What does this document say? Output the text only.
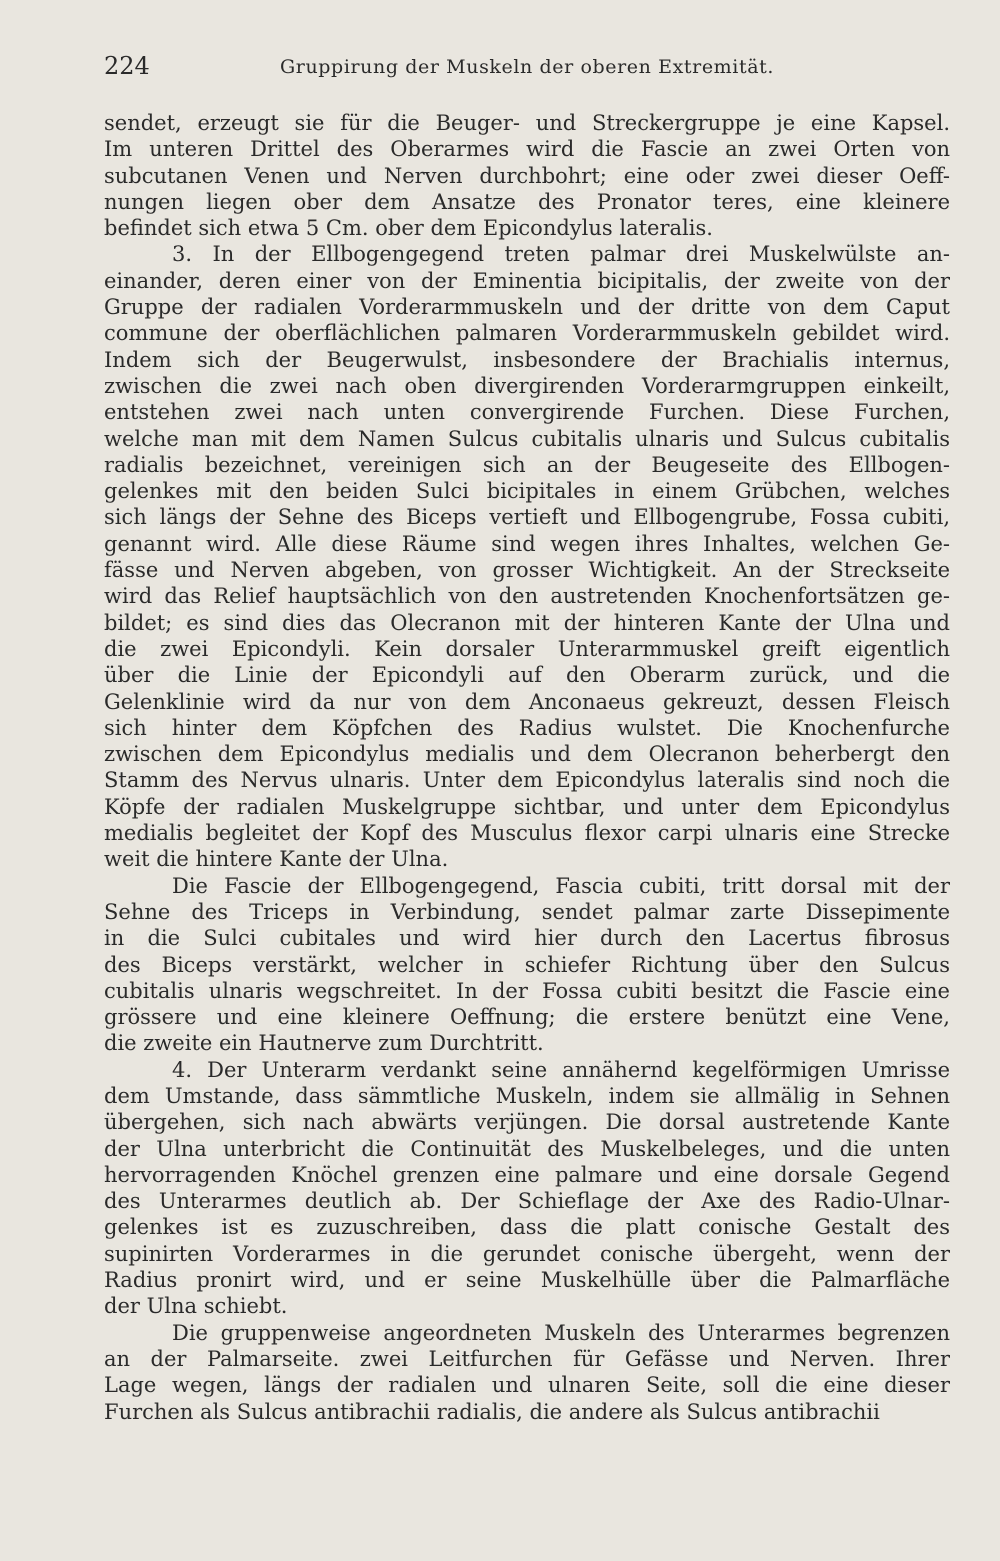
224	Gruppirung der Muskeln der oberen Extremität.
sendet, erzeugt sie für die Beuger- und Streckergruppe je eine Kapsel.
Im unteren Drittel des Oberarmes wird die Fascie an zwei Orten von
subcutanen Venen und Nerven durchbohrt; eine oder zwei dieser Oeff-
nungen liegen ober dem Ansatze des Pronator teres, eine kleinere
befindet sich etwa 5 Cm. ober dem Epicondylus lateralis.
3. In der Ellbogengegend treten palmar drei Muskelwülste an-
einander, deren einer von der Eminentia bicipitalis, der zweite von der
Gruppe der radialen Vorderarmmuskeln und der dritte von dem Caput
commune der oberflächlichen palmaren Vorderarmmuskeln gebildet wird.
Indem sich der Beugerwulst, insbesondere der Brachialis internus,
zwischen die zwei nach oben divergirenden Vorderarmgruppen einkeilt,
entstehen zwei nach unten convergirende Furchen. Diese Furchen,
welche man mit dem Namen Sulcus cubitalis ulnaris und Sulcus cubitalis
radialis bezeichnet, vereinigen sich an der Beugeseite des Ellbogen-
gelenkes mit den beiden Sulci bicipitales in einem Grübchen, welches
sich längs der Sehne des Biceps vertieft und Ellbogengrube, Fossa cubiti,
genannt wird. Alle diese Räume sind wegen ihres Inhaltes, welchen Ge-
fässe und Nerven abgeben, von grosser Wichtigkeit. An der Streckseite
wird das Relief hauptsächlich von den austretenden Knochenfortsätzen ge-
bildet; es sind dies das Olecranon mit der hinteren Kante der Ulna und
die zwei Epicondyli. Kein dorsaler Unterarmmuskel greift eigentlich
über die Linie der Epicondyli auf den Oberarm zurück, und die
Gelenklinie wird da nur von dem Anconaeus gekreuzt, dessen Fleisch
sich hinter dem Köpfchen des Radius wulstet. Die Knochenfurche
zwischen dem Epicondylus medialis und dem Olecranon beherbergt den
Stamm des Nervus ulnaris. Unter dem Epicondylus lateralis sind noch die
Köpfe der radialen Muskelgruppe sichtbar, und unter dem Epicondylus
medialis begleitet der Kopf des Musculus flexor carpi ulnaris eine Strecke
weit die hintere Kante der Ulna.
Die Fascie der Ellbogengegend, Fascia cubiti, tritt dorsal mit der
Sehne des Triceps in Verbindung, sendet palmar zarte Dissepimente
in die Sulci cubitales und wird hier durch den Lacertus fibrosus
des Biceps verstärkt, welcher in schiefer Richtung über den Sulcus
cubitalis ulnaris wegschreitet. In der Fossa cubiti besitzt die Fascie eine
grössere und eine kleinere Oeffnung; die erstere benützt eine Vene,
die zweite ein Hautnerve zum Durchtritt.
4. Der Unterarm verdankt seine annähernd kegelförmigen Umrisse
dem Umstande, dass sämmtliche Muskeln, indem sie allmälig in Sehnen
übergehen, sich nach abwärts verjüngen. Die dorsal austretende Kante
der Ulna unterbricht die Continuität des Muskelbeleges, und die unten
hervorragenden Knöchel grenzen eine palmare und eine dorsale Gegend
des Unterarmes deutlich ab. Der Schieflage der Axe des Radio-Ulnar-
gelenkes ist es zuzuschreiben, dass die platt conische Gestalt des
supinirten Vorderarmes in die gerundet conische übergeht, wenn der
Radius pronirt wird, und er seine Muskelhülle über die Palmarfläche
der Ulna schiebt.
Die gruppenweise angeordneten Muskeln des Unterarmes begrenzen
an der Palmarseite. zwei Leitfurchen für Gefässe und Nerven. Ihrer
Lage wegen, längs der radialen und ulnaren Seite, soll die eine dieser
Furchen als Sulcus antibrachii radialis, die andere als Sulcus antibrachii
